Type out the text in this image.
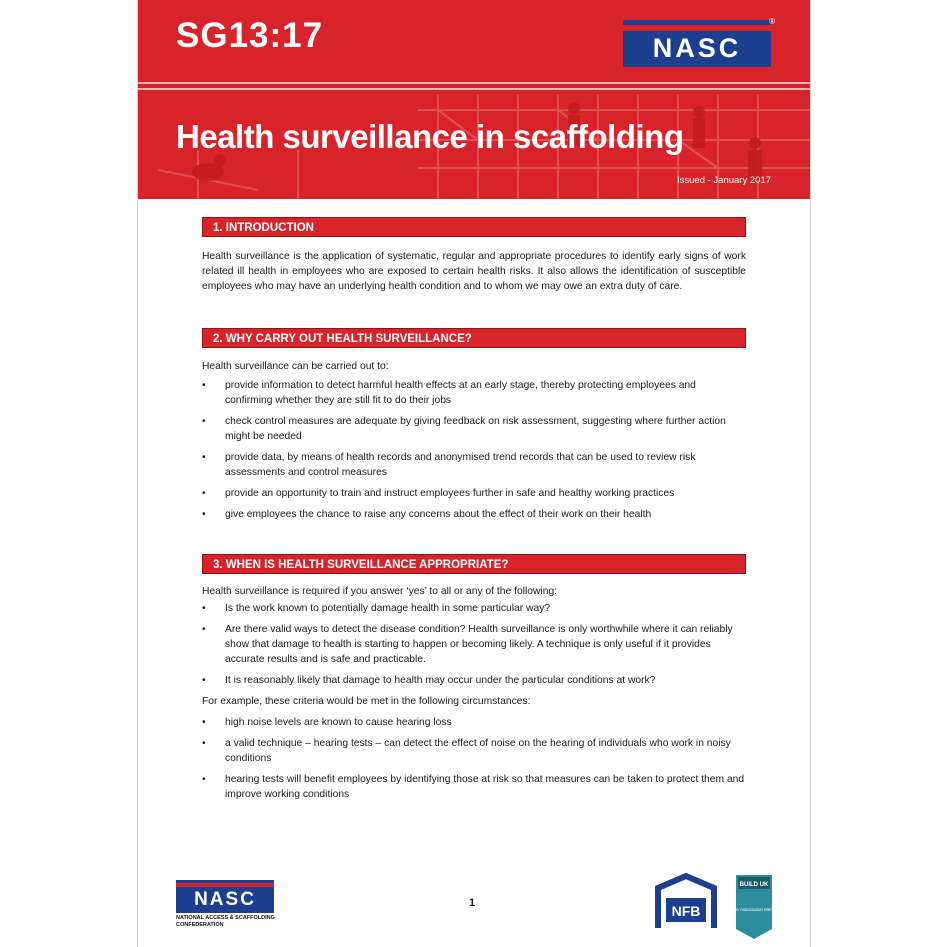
SG13:17	NASC
®
Health surveillance in scaffolding
Issued - January 2017
1. INTRODUCTION

Health surveillance is the application of systematic, regular and appropriate procedures to identify early signs of work related ill health in employees who are exposed to certain health risks. It also allows the identification of susceptible employees who may have an underlying health condition and to whom we may owe an extra duty of care.

2. WHY CARRY OUT HEALTH SURVEILLANCE?

Health surveillance can be carried out to:

• provide information to detect harmful health effects at an early stage, thereby protecting employees and confirming whether they are still fit to do their jobs
• check control measures are adequate by giving feedback on risk assessment, suggesting where further action might be needed
• provide data, by means of health records and anonymised trend records that can be used to review risk assessments and control measures
• provide an opportunity to train and instruct employees further in safe and healthy working practices
• give employees the chance to raise any concerns about the effect of their work on their health
3. WHEN IS HEALTH SURVEILLANCE APPROPRIATE?

Health surveillance is required if you answer ‘yes’ to all or any of the following:

• Is the work known to potentially damage health in some particular way?
• Are there valid ways to detect the disease condition? Health surveillance is only worthwhile where it can reliably show that damage to health is starting to happen or becoming likely. A technique is only useful if it provides accurate results and is safe and practicable.
• It is reasonably likely that damage to health may occur under the particular conditions at work?

For example, these criteria would be met in the following circumstances:

• high noise levels are known to cause hearing loss
• a valid technique – hearing tests – can detect the effect of noise on the hearing of individuals who work in noisy conditions
• hearing tests will benefit employees by identifying those at risk so that measures can be taken to protect them and improve working conditions
NASC
NATIONAL ACCESS & SCAFFOLDING CONFEDERATION
1	NFB
BUILD UK
Trade Association Member
